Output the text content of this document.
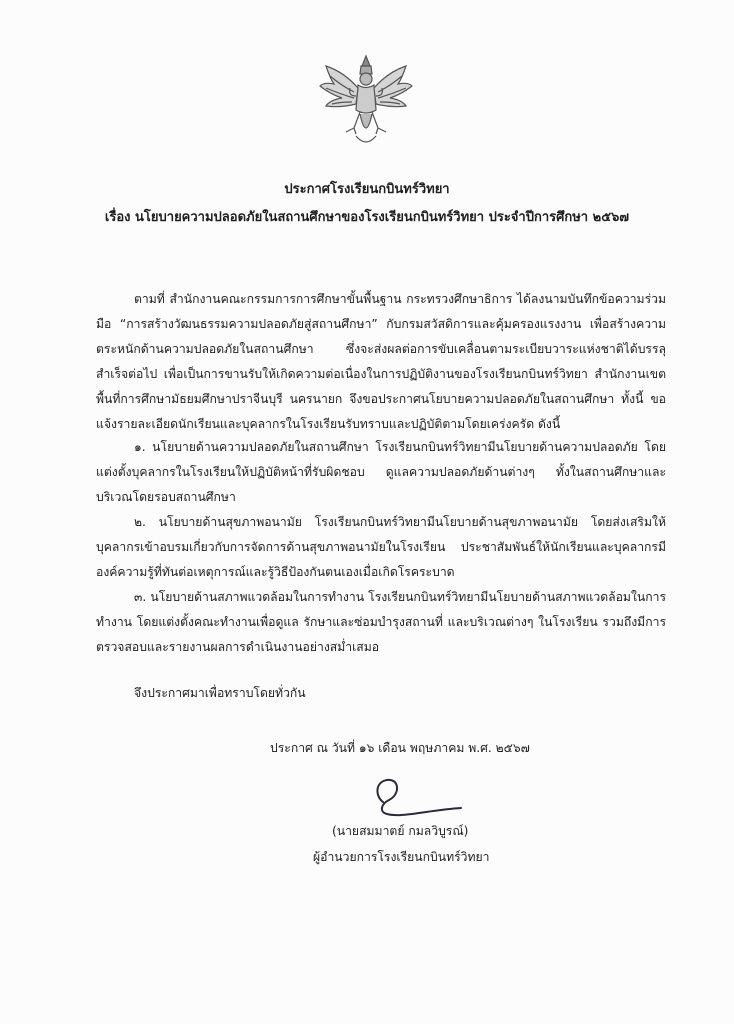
ประกาศโรงเรียนกบินทร์วิทยา
เรื่อง นโยบายความปลอดภัยในสถานศึกษาของโรงเรียนกบินทร์วิทยา ประจำปีการศึกษา ๒๕๖๗
ตามที่ สำนักงานคณะกรรมการการศึกษาขั้นพื้นฐาน กระทรวงศึกษาธิการ ได้ลงนามบันทึกข้อความร่วมมือ “การสร้างวัฒนธรรมความปลอดภัยสู่สถานศึกษา” กับกรมสวัสดิการและคุ้มครองแรงงาน เพื่อสร้างความตระหนักด้านความปลอดภัยในสถานศึกษา ซึ่งจะส่งผลต่อการขับเคลื่อนตามระเบียบวาระแห่งชาติได้บรรลุสำเร็จต่อไป เพื่อเป็นการขานรับให้เกิดความต่อเนื่องในการปฏิบัติงานของโรงเรียนกบินทร์วิทยา สำนักงานเขตพื้นที่การศึกษามัธยมศึกษาปราจีนบุรี นครนายก จึงขอประกาศนโยบายความปลอดภัยในสถานศึกษา ทั้งนี้ ขอแจ้งรายละเอียดนักเรียนและบุคลากรในโรงเรียนรับทราบและปฏิบัติตามโดยเคร่งครัด ดังนี้
๑. นโยบายด้านความปลอดภัยในสถานศึกษา โรงเรียนกบินทร์วิทยามีนโยบายด้านความปลอดภัย โดยแต่งตั้งบุคลากรในโรงเรียนให้ปฏิบัติหน้าที่รับผิดชอบ ดูแลความปลอดภัยด้านต่างๆ ทั้งในสถานศึกษาและบริเวณโดยรอบสถานศึกษา
๒. นโยบายด้านสุขภาพอนามัย โรงเรียนกบินทร์วิทยามีนโยบายด้านสุขภาพอนามัย โดยส่งเสริมให้บุคลากรเข้าอบรมเกี่ยวกับการจัดการด้านสุขภาพอนามัยในโรงเรียน ประชาสัมพันธ์ให้นักเรียนและบุคลากรมีองค์ความรู้ที่ทันต่อเหตุการณ์และรู้วิธีป้องกันตนเองเมื่อเกิดโรคระบาด
๓. นโยบายด้านสภาพแวดล้อมในการทำงาน โรงเรียนกบินทร์วิทยามีนโยบายด้านสภาพแวดล้อมในการทำงาน โดยแต่งตั้งคณะทำงานเพื่อดูแล รักษาและซ่อมบำรุงสถานที่ และบริเวณต่างๆ ในโรงเรียน รวมถึงมีการตรวจสอบและรายงานผลการดำเนินงานอย่างสม่ำเสมอ
จึงประกาศมาเพื่อทราบโดยทั่วกัน
ประกาศ ณ วันที่ ๑๖ เดือน พฤษภาคม พ.ศ. ๒๕๖๗
(นายสมมาตย์ กมลวิบูรณ์)
ผู้อำนวยการโรงเรียนกบินทร์วิทยา
